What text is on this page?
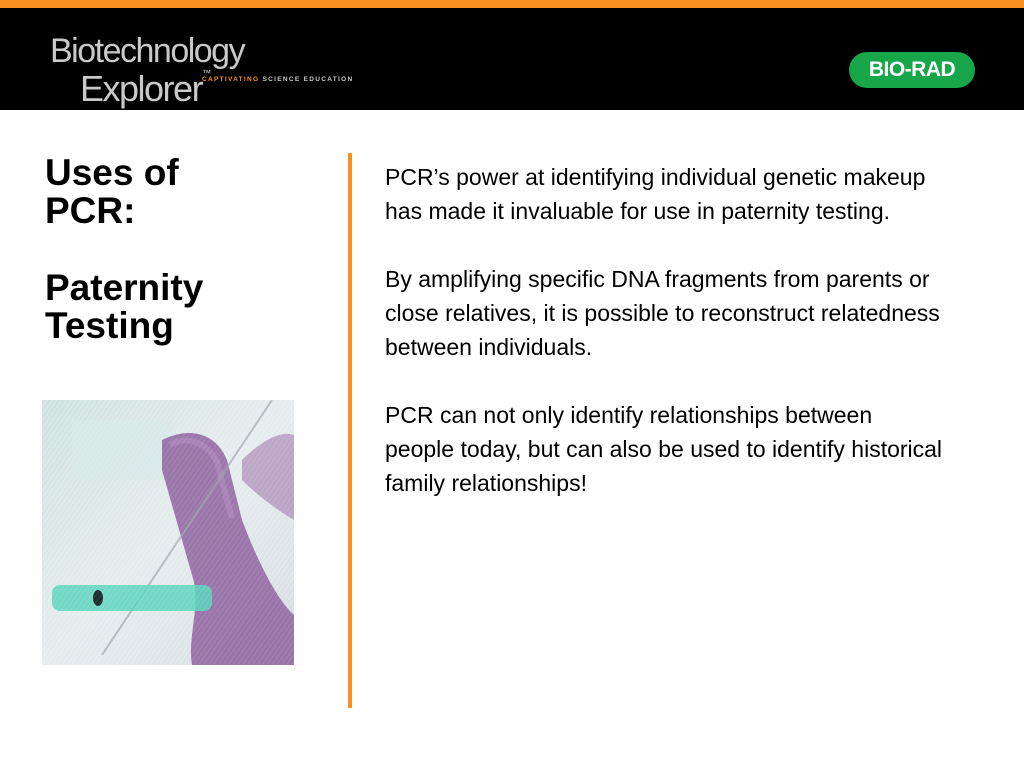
Biotechnology
Explorer™
CAPTIVATING SCIENCE EDUCATION	BIO-RAD
Uses of
PCR:
Paternity
Testing

PCR’s power at identifying individual genetic makeup has made it invaluable for use in paternity testing.

By amplifying specific DNA fragments from parents or close relatives, it is possible to reconstruct relatedness between individuals.

PCR can not only identify relationships between people today, but can also be used to identify historical family relationships!
